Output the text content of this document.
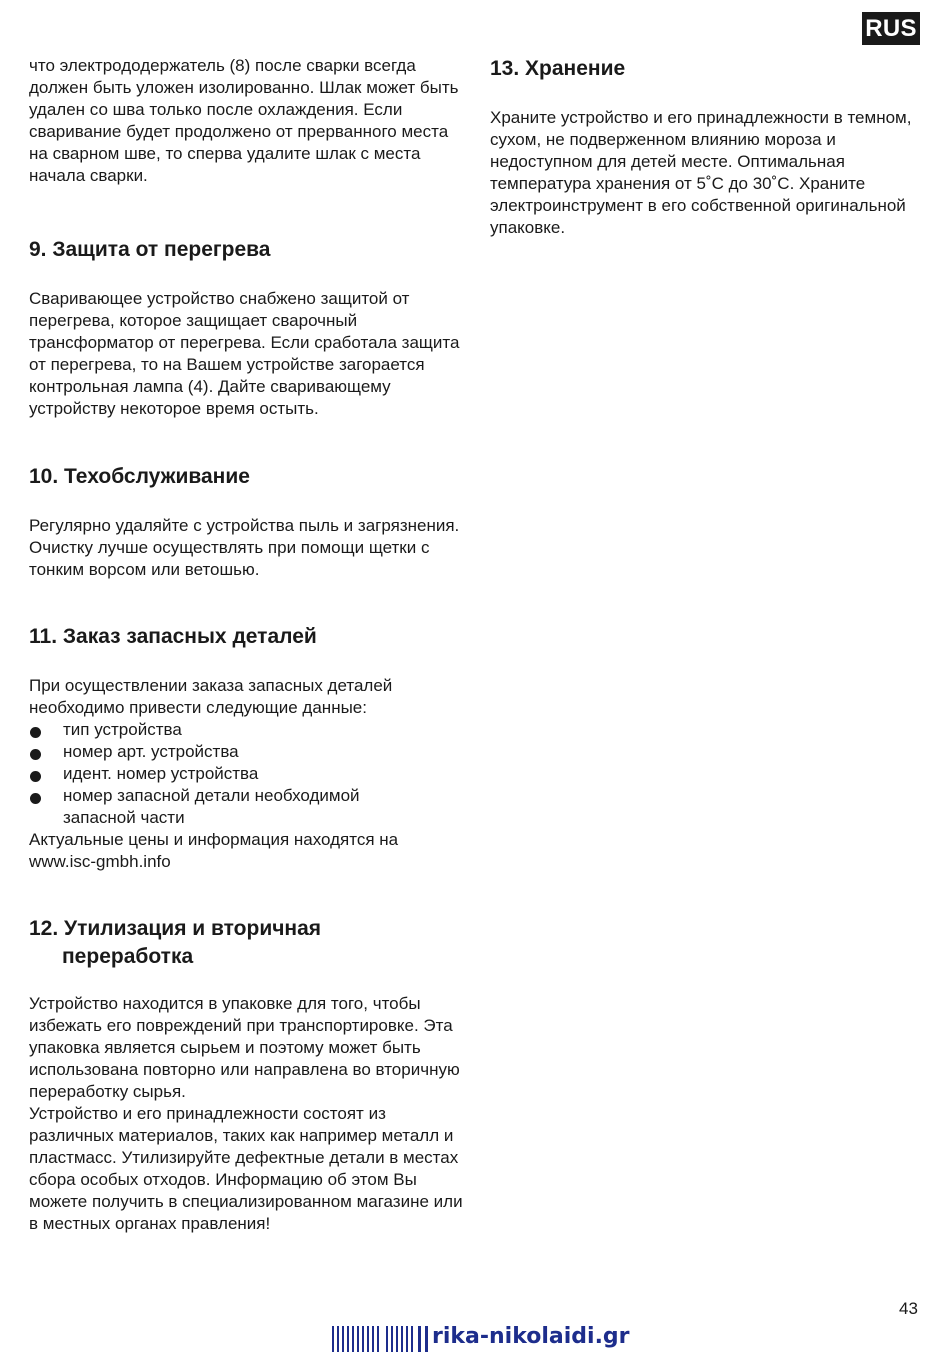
RUS

что электрододержатель (8) после сварки всегда должен быть уложен изолированно. Шлак может быть удален со шва только после охлаждения. Если сваривание будет продолжено от прерванного места на сварном шве, то сперва удалите шлак с места начала сварки.

9. Защита от перегрева

Сваривающее устройство снабжено защитой от перегрева, которое защищает сварочный трансформатор от перегрева. Если сработала защита от перегрева, то на Вашем устройстве загорается контрольная лампа (4). Дайте сваривающему устройству некоторое время остыть.

10. Техобслуживание

Регулярно удаляйте с устройства пыль и загрязнения. Очистку лучше осуществлять при помощи щетки с тонким ворсом или ветошью.

11. Заказ запасных деталей

При осуществлении заказа запасных деталей необходимо привести следующие данные:

тип устройства
номер арт. устройства
идент. номер устройства
номер запасной детали необходимой запасной части

Актуальные цены и информация находятся на www.isc-gmbh.info

12. Утилизация и вторичная
переработка

Устройство находится в упаковке для того, чтобы избежать его повреждений при транспортировке. Эта упаковка является сырьем и поэтому может быть использована повторно или направлена во вторичную переработку сырья.

Устройство и его принадлежности состоят из различных материалов, таких как например металл и пластмасс. Утилизируйте дефектные детали в местах сбора особых отходов. Информацию об этом Вы можете получить в специализированном магазине или в местных органах правления!

13. Хранение

Храните устройство и его принадлежности в темном, сухом, не подверженном влиянию мороза и недоступном для детей месте. Оптимальная температура хранения от 5˚С до 30˚С. Храните электроинструмент в его собственной оригинальной упаковке.

43
rika-nikolaidi.gr
